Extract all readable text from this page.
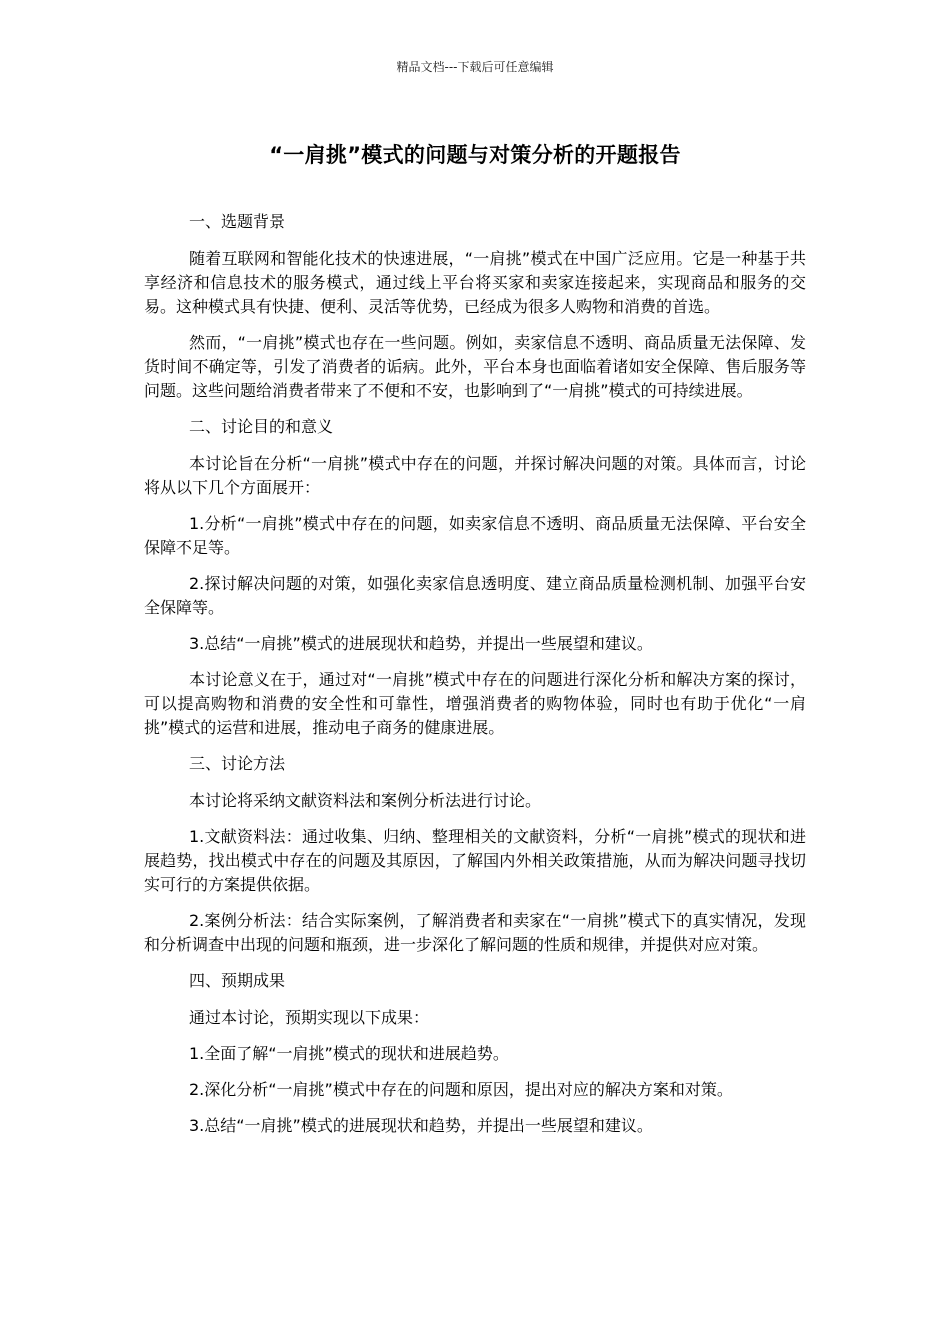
精品文档---下载后可任意编辑
“一肩挑”模式的问题与对策分析的开题报告

一、选题背景

随着互联网和智能化技术的快速进展，“一肩挑”模式在中国广泛应用。它是一种基于共享经济和信息技术的服务模式，通过线上平台将买家和卖家连接起来，实现商品和服务的交易。这种模式具有快捷、便利、灵活等优势，已经成为很多人购物和消费的首选。

然而，“一肩挑”模式也存在一些问题。例如，卖家信息不透明、商品质量无法保障、发货时间不确定等，引发了消费者的诟病。此外，平台本身也面临着诸如安全保障、售后服务等问题。这些问题给消费者带来了不便和不安，也影响到了“一肩挑”模式的可持续进展。

二、讨论目的和意义

本讨论旨在分析“一肩挑”模式中存在的问题，并探讨解决问题的对策。具体而言，讨论将从以下几个方面展开：

1.分析“一肩挑”模式中存在的问题，如卖家信息不透明、商品质量无法保障、平台安全保障不足等。

2.探讨解决问题的对策，如强化卖家信息透明度、建立商品质量检测机制、加强平台安全保障等。

3.总结“一肩挑”模式的进展现状和趋势，并提出一些展望和建议。

本讨论意义在于，通过对“一肩挑”模式中存在的问题进行深化分析和解决方案的探讨，可以提高购物和消费的安全性和可靠性，增强消费者的购物体验，同时也有助于优化“一肩挑”模式的运营和进展，推动电子商务的健康进展。

三、讨论方法

本讨论将采纳文献资料法和案例分析法进行讨论。

1.文献资料法：通过收集、归纳、整理相关的文献资料，分析“一肩挑”模式的现状和进展趋势，找出模式中存在的问题及其原因，了解国内外相关政策措施，从而为解决问题寻找切实可行的方案提供依据。

2.案例分析法：结合实际案例，了解消费者和卖家在“一肩挑”模式下的真实情况，发现和分析调查中出现的问题和瓶颈，进一步深化了解问题的性质和规律，并提供对应对策。

四、预期成果

通过本讨论，预期实现以下成果：

1.全面了解“一肩挑”模式的现状和进展趋势。

2.深化分析“一肩挑”模式中存在的问题和原因，提出对应的解决方案和对策。

3.总结“一肩挑”模式的进展现状和趋势，并提出一些展望和建议。
